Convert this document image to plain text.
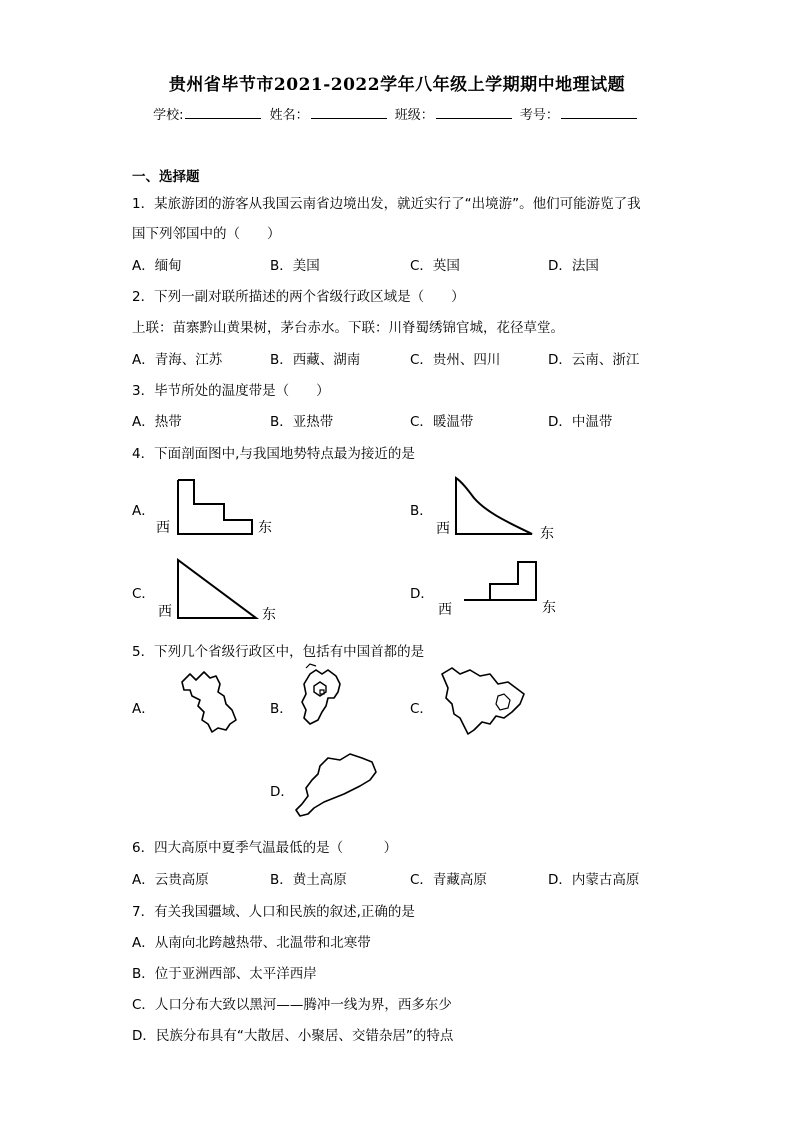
贵州省毕节市2021-2022学年八年级上学期期中地理试题
学校:	姓名：	班级：	考号：
一、选择题
1．某旅游团的游客从我国云南省边境出发，就近实行了“出境游”。他们可能游览了我
国下列邻国中的（　　）
A．缅甸	B．美国	C．英国	D．法国
2．下列一副对联所描述的两个省级行政区域是（　　）
上联：苗寨黔山黄果树，茅台赤水。下联：川脊蜀绣锦官城，花径草堂。
A．青海、江苏	B．西藏、湖南	C．贵州、四川	D．云南、浙江
3．毕节所处的温度带是（　　）
A．热带	B．亚热带	C．暖温带	D．中温带
4．下面剖面图中,与我国地势特点最为接近的是
A．
西	东
B．
西	东
C．
西	东
D．
西	东
5．下列几个省级行政区中，包括有中国首都的是
A．	B．	C．
D．
6．四大高原中夏季气温最低的是（　　　）
A．云贵高原	B．黄土高原	C．青藏高原	D．内蒙古高原
7．有关我国疆域、人口和民族的叙述,正确的是
A．从南向北跨越热带、北温带和北寒带
B．位于亚洲西部、太平洋西岸
C．人口分布大致以黑河——腾冲一线为界，西多东少
D．民族分布具有“大散居、小聚居、交错杂居”的特点
